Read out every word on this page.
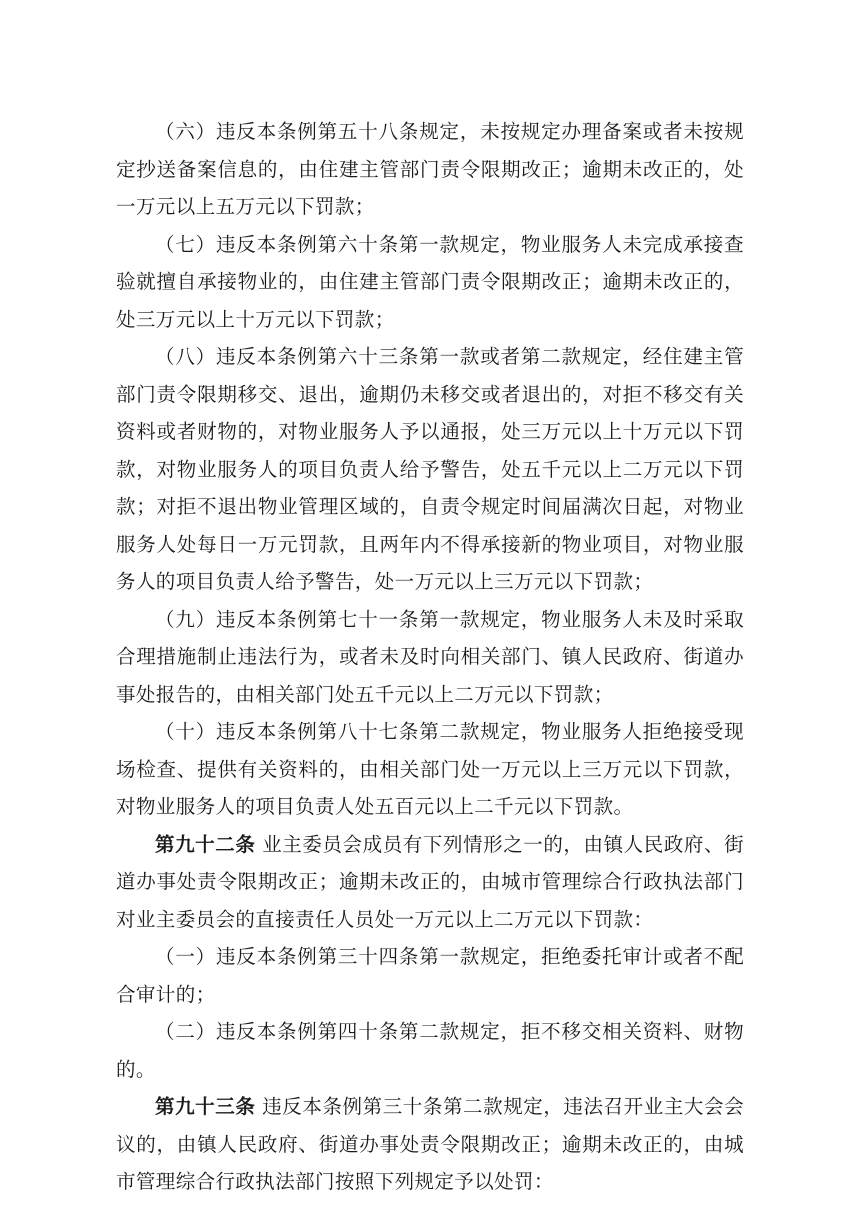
（六）违反本条例第五十八条规定，未按规定办理备案或者未按规定抄送备案信息的，由住建主管部门责令限期改正；逾期未改正的，处一万元以上五万元以下罚款；

（七）违反本条例第六十条第一款规定，物业服务人未完成承接查验就擅自承接物业的，由住建主管部门责令限期改正；逾期未改正的，处三万元以上十万元以下罚款；

（八）违反本条例第六十三条第一款或者第二款规定，经住建主管部门责令限期移交、退出，逾期仍未移交或者退出的，对拒不移交有关资料或者财物的，对物业服务人予以通报，处三万元以上十万元以下罚款，对物业服务人的项目负责人给予警告，处五千元以上二万元以下罚款；对拒不退出物业管理区域的，自责令规定时间届满次日起，对物业服务人处每日一万元罚款，且两年内不得承接新的物业项目，对物业服务人的项目负责人给予警告，处一万元以上三万元以下罚款；

（九）违反本条例第七十一条第一款规定，物业服务人未及时采取合理措施制止违法行为，或者未及时向相关部门、镇人民政府、街道办事处报告的，由相关部门处五千元以上二万元以下罚款；

（十）违反本条例第八十七条第二款规定，物业服务人拒绝接受现场检查、提供有关资料的，由相关部门处一万元以上三万元以下罚款，对物业服务人的项目负责人处五百元以上二千元以下罚款。

第九十二条 业主委员会成员有下列情形之一的，由镇人民政府、街道办事处责令限期改正；逾期未改正的，由城市管理综合行政执法部门对业主委员会的直接责任人员处一万元以上二万元以下罚款：

（一）违反本条例第三十四条第一款规定，拒绝委托审计或者不配合审计的；

（二）违反本条例第四十条第二款规定，拒不移交相关资料、财物的。

第九十三条 违反本条例第三十条第二款规定，违法召开业主大会会议的，由镇人民政府、街道办事处责令限期改正；逾期未改正的，由城市管理综合行政执法部门按照下列规定予以处罚：
